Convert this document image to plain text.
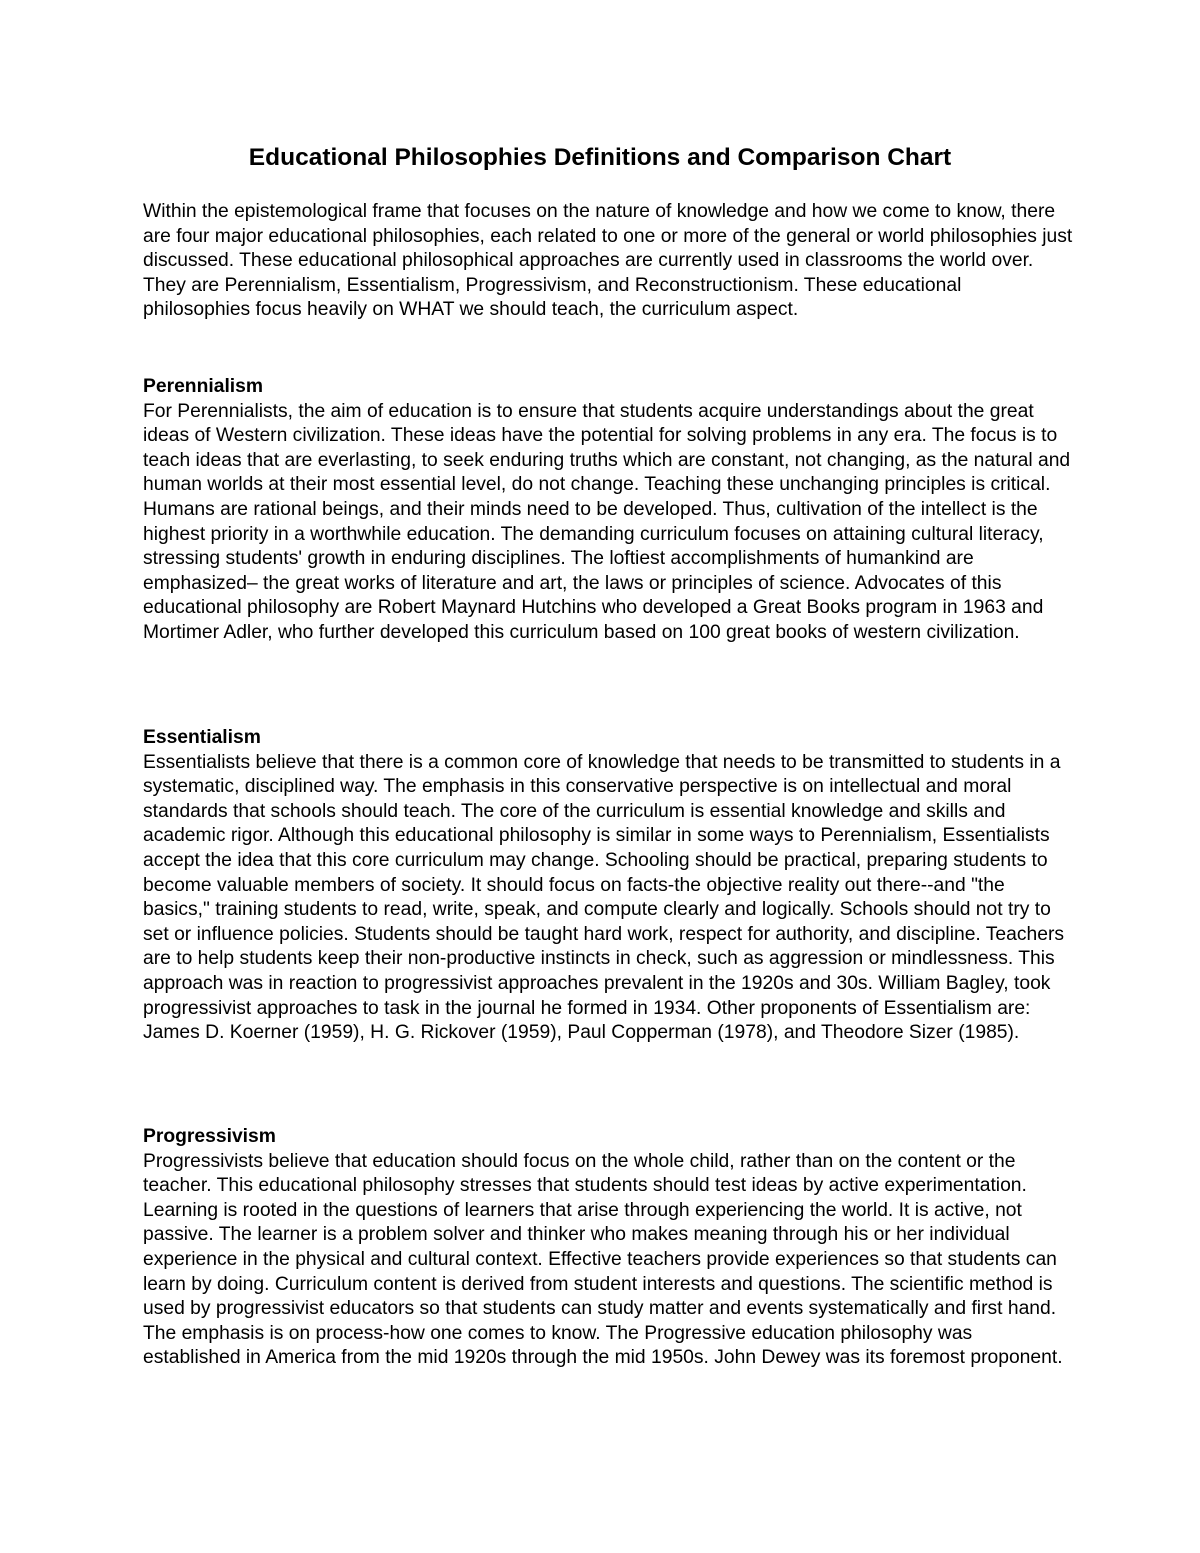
Educational Philosophies Definitions and Comparison Chart

Within the epistemological frame that focuses on the nature of knowledge and how we come to know, there are four major educational philosophies, each related to one or more of the general or world philosophies just discussed. These educational philosophical approaches are currently used in classrooms the world over. They are Perennialism, Essentialism, Progressivism, and Reconstructionism. These educational philosophies focus heavily on WHAT we should teach, the curriculum aspect.

Perennialism

For Perennialists, the aim of education is to ensure that students acquire understandings about the great ideas of Western civilization. These ideas have the potential for solving problems in any era. The focus is to teach ideas that are everlasting, to seek enduring truths which are constant, not changing, as the natural and human worlds at their most essential level, do not change. Teaching these unchanging principles is critical. Humans are rational beings, and their minds need to be developed. Thus, cultivation of the intellect is the highest priority in a worthwhile education. The demanding curriculum focuses on attaining cultural literacy, stressing students' growth in enduring disciplines. The loftiest accomplishments of humankind are emphasized– the great works of literature and art, the laws or principles of science. Advocates of this educational philosophy are Robert Maynard Hutchins who developed a Great Books program in 1963 and Mortimer Adler, who further developed this curriculum based on 100 great books of western civilization.

Essentialism

Essentialists believe that there is a common core of knowledge that needs to be transmitted to students in a systematic, disciplined way. The emphasis in this conservative perspective is on intellectual and moral standards that schools should teach. The core of the curriculum is essential knowledge and skills and academic rigor. Although this educational philosophy is similar in some ways to Perennialism, Essentialists accept the idea that this core curriculum may change. Schooling should be practical, preparing students to become valuable members of society. It should focus on facts-the objective reality out there--and "the basics," training students to read, write, speak, and compute clearly and logically. Schools should not try to set or influence policies. Students should be taught hard work, respect for authority, and discipline. Teachers are to help students keep their non-productive instincts in check, such as aggression or mindlessness. This approach was in reaction to progressivist approaches prevalent in the 1920s and 30s. William Bagley, took progressivist approaches to task in the journal he formed in 1934. Other proponents of Essentialism are: James D. Koerner (1959), H. G. Rickover (1959), Paul Copperman (1978), and Theodore Sizer (1985).

Progressivism

Progressivists believe that education should focus on the whole child, rather than on the content or the teacher. This educational philosophy stresses that students should test ideas by active experimentation. Learning is rooted in the questions of learners that arise through experiencing the world. It is active, not passive. The learner is a problem solver and thinker who makes meaning through his or her individual experience in the physical and cultural context. Effective teachers provide experiences so that students can learn by doing. Curriculum content is derived from student interests and questions. The scientific method is used by progressivist educators so that students can study matter and events systematically and first hand. The emphasis is on process-how one comes to know. The Progressive education philosophy was established in America from the mid 1920s through the mid 1950s. John Dewey was its foremost proponent.
